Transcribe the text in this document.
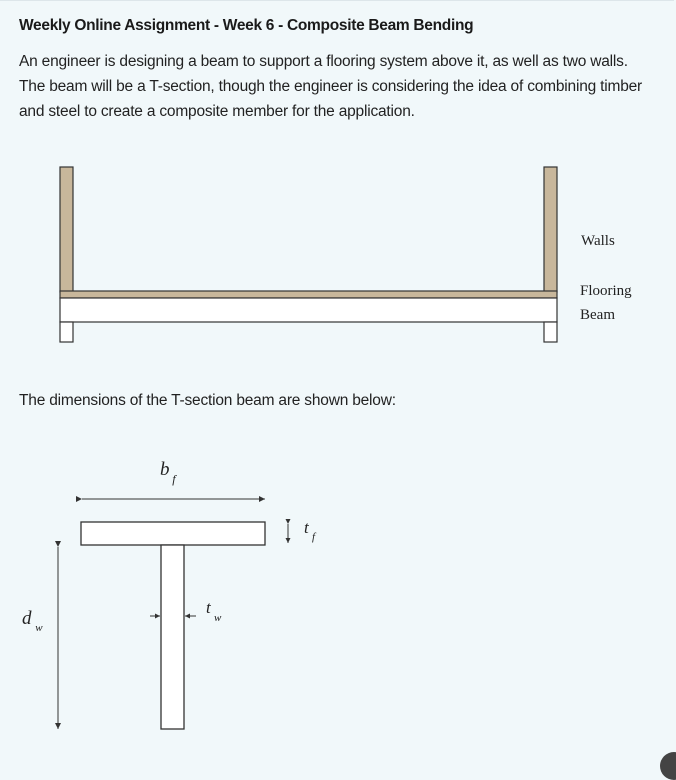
Weekly Online Assignment - Week 6 - Composite Beam Bending
An engineer is designing a beam to support a flooring system above it, as well as two walls. The beam will be a T-section, though the engineer is considering the idea of combining timber and steel to create a composite member for the application.
Walls
Flooring
Beam
The dimensions of the T-section beam are shown below:
b f
t f
t w
d w
